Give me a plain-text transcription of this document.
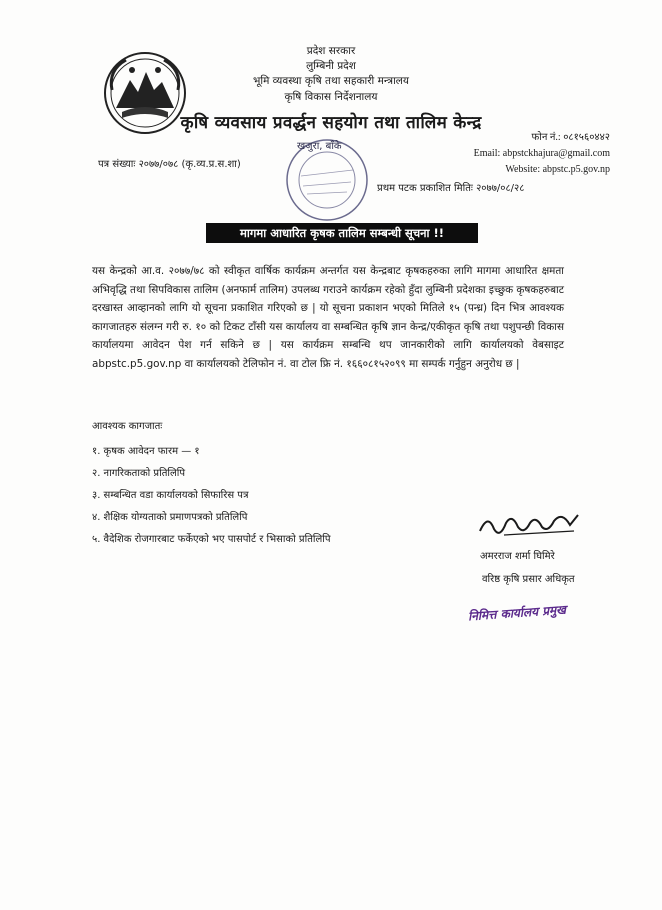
प्रदेश सरकार
लुम्बिनी प्रदेश
भूमि व्यवस्था कृषि तथा सहकारी मन्त्रालय
कृषि विकास निर्देशनालय
कृषि व्यवसाय प्रवर्द्धन सहयोग तथा तालिम केन्द्र
फोन नं.: ०८१५६०४४२
Email: abpstckhajura@gmail.com
Website: abpstc.p5.gov.np
पत्र संख्याः २०७७/०७८ (कृ.व्य.प्र.स.शा)
प्रथम पटक प्रकाशित मितिः २०७७/०८/२८
खजुरा, बाँके
मागमा आधारित कृषक तालिम सम्बन्धी सूचना !!
यस केन्द्रको आ.व. २०७७/७८ को स्वीकृत वार्षिक कार्यक्रम अन्तर्गत यस केन्द्रबाट कृषकहरुका लागि मागमा आधारित क्षमता अभिवृद्धि तथा सिपविकास तालिम (अनफार्म तालिम) उपलब्ध गराउने कार्यक्रम रहेको हुँदा लुम्बिनी प्रदेशका इच्छुक कृषकहरुबाट दरखास्त आव्हानको लागि यो सूचना प्रकाशित गरिएको छ | यो सूचना प्रकाशन भएको मितिले १५ (पन्ध्र) दिन भित्र आवश्यक कागजातहरु संलग्न गरी रु. १० को टिकट टाँसी यस कार्यालय वा सम्बन्धित कृषि ज्ञान केन्द्र/एकीकृत कृषि तथा पशुपन्छी विकास कार्यालयमा आवेदन पेश गर्न सकिने छ | यस कार्यक्रम सम्बन्धि थप जानकारीको लागि कार्यालयको वेबसाइट abpstc.p5.gov.np वा कार्यालयको टेलिफोन नं. वा टोल फ्रि नं. १६६०८१५२०९९ मा सम्पर्क गर्नुहुन अनुरोध छ |
आवश्यक कागजातः
१. कृषक आवेदन फारम — १
२. नागरिकताको प्रतिलिपि
३. सम्बन्धित वडा कार्यालयको सिफारिस पत्र
४. शैक्षिक योग्यताको प्रमाणपत्रको प्रतिलिपि
५. वैदेशिक रोजगारबाट फर्केएको भए पासपोर्ट र भिसाको प्रतिलिपि
अमरराज शर्मा घिमिरे
वरिष्ठ कृषि प्रसार अधिकृत
निमित्त कार्यालय प्रमुख
